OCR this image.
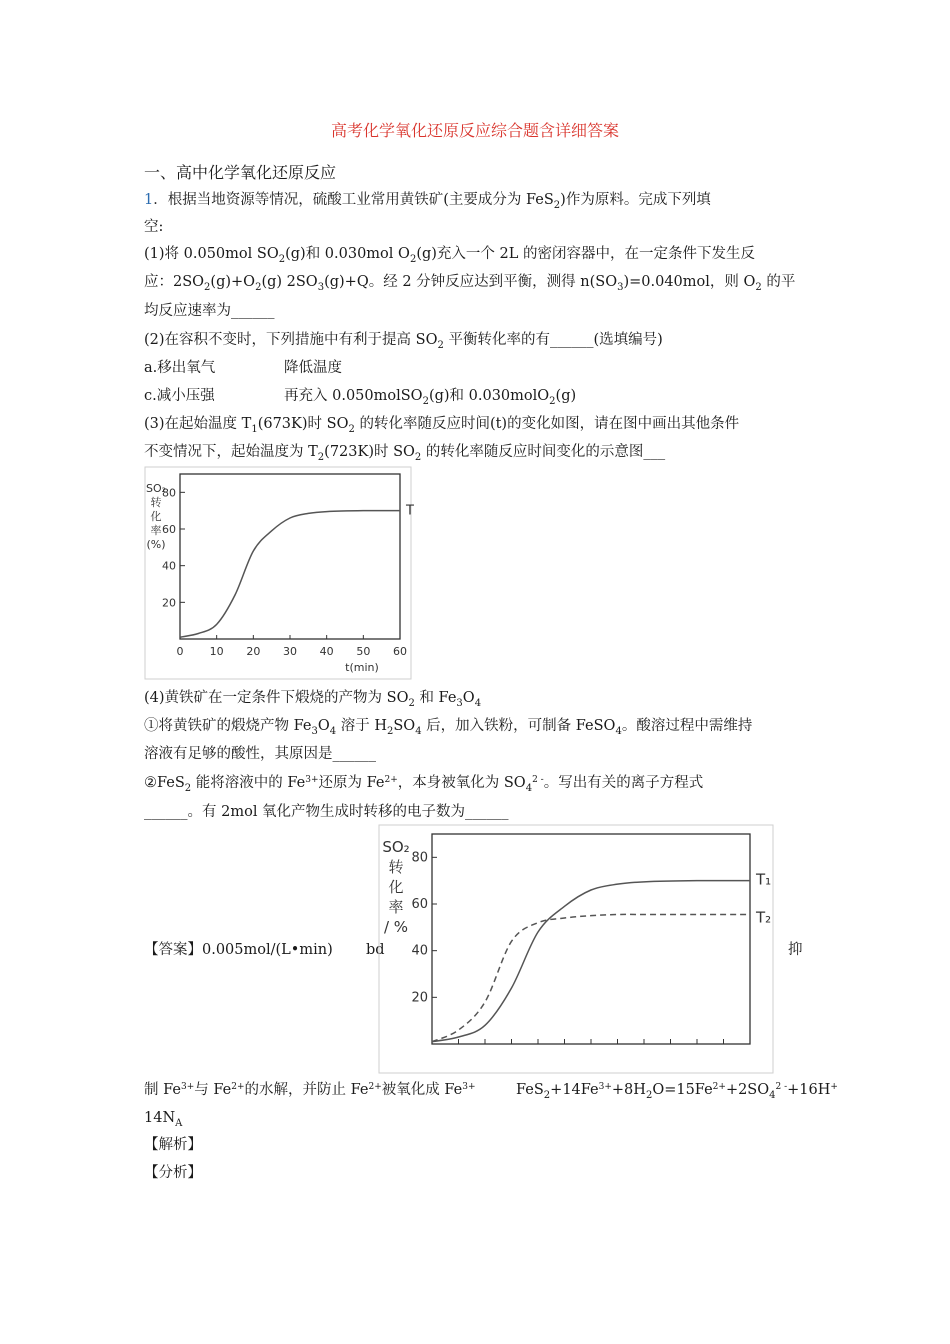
高考化学氧化还原反应综合题含详细答案
一、高中化学氧化还原反应
1．根据当地资源等情况，硫酸工业常用黄铁矿(主要成分为 FeS$_2$)作为原料。完成下列填
空:
(1)将 0.050mol $SO_2(g)$和 0.030mol $O_2(g)$充入一个 2L 的密闭容器中，在一定条件下发生反
应：$2SO_2(g)+O_2(g)$ $2SO_3(g)+Q$。经 2 分钟反应达到平衡，测得 $n(SO_3)=0.040mol$，则 $O_2$ 的平
均反应速率为______
(2)在容积不变时，下列措施中有利于提高 $SO_2$ 平衡转化率的有______(选填编号)
a.移出氧气	降低温度
c.减小压强	再充入 0.050molSO$_2$(g)和 0.030molO$_2$(g)
(3)在起始温度 $T_1(673K)$时 $SO_2$ 的转化率随反应时间(t)的变化如图，请在图中画出其他条件
不变情况下，起始温度为 $T_2(723K)$时 $SO_2$ 的转化率随反应时间变化的示意图___
20
40
60
80
0 10 20 30 40 50 60
SO₂
转
化
率
(%)
t(min)
T
(4)黄铁矿在一定条件下煅烧的产物为 $SO_2$ 和 $Fe_3O_4$
①将黄铁矿的煅烧产物 $Fe_3O_4$ 溶于 $H_2SO_4$ 后，加入铁粉，可制备 FeSO$_4$。酸溶过程中需维持
溶液有足够的酸性，其原因是______
②FeS$_2$ 能将溶液中的 $Fe^{3+}$还原为 $Fe^{2+}$，本身被氧化为 $SO_4^{2 -}$。写出有关的离子方程式
______。有 2mol 氧化产物生成时转移的电子数为______
【答案】0.005mol/(L•min) bd	抑
20
40
60
80
SO₂
转
化
率
/ %
T₁
T₂
制 $Fe^{3+}$与 $Fe^{2+}$的水解，并防止 $Fe^{2+}$被氧化成 $Fe^{3+}$	$FeS_2+14Fe^{3+}+8H_2O=15Fe^{2+}+2SO_4^{2 -}+16H^+$
$14N_A$
【解析】
【分析】
